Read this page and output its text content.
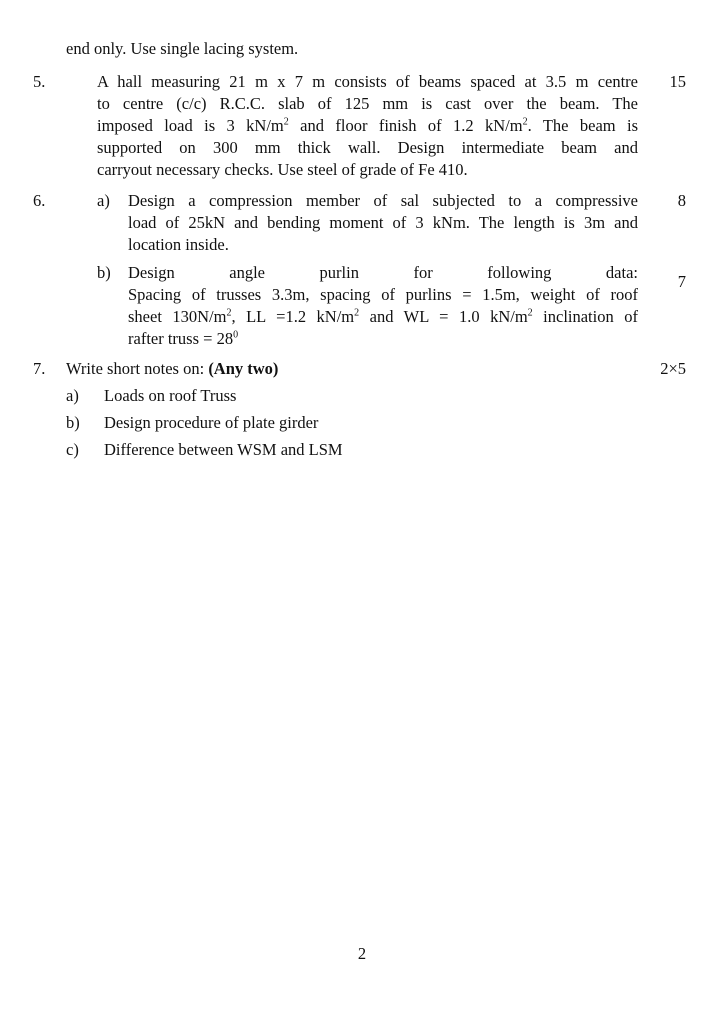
end only. Use single lacing system.
5.	15
A hall measuring 21 m x 7 m consists of beams spaced at 3.5 m centre
to centre (c/c) R.C.C. slab of 125 mm is cast over the beam. The
imposed load is 3 $kN/m^2$ and floor finish of 1.2 $kN/m^2$. The beam is
supported on 300 mm thick wall. Design intermediate beam and
carryout necessary checks. Use steel of grade of Fe 410.
6.	a)	8
Design a compression member of sal subjected to a compressive
load of 25kN and bending moment of 3 kNm. The length is 3m and
location inside.
b)	7
Design angle purlin for following data:
Spacing of trusses 3.3m, spacing of purlins = 1.5m, weight of roof
sheet $130N/m^2$, LL =1.2 $kN/m^2$ and WL = 1.0 $kN/m^2$ inclination of
rafter truss = $28^0$
7.	2×5
Write short notes on: (Any two)
a) Loads on roof Truss
b) Design procedure of plate girder
c) Difference between WSM and LSM
2
